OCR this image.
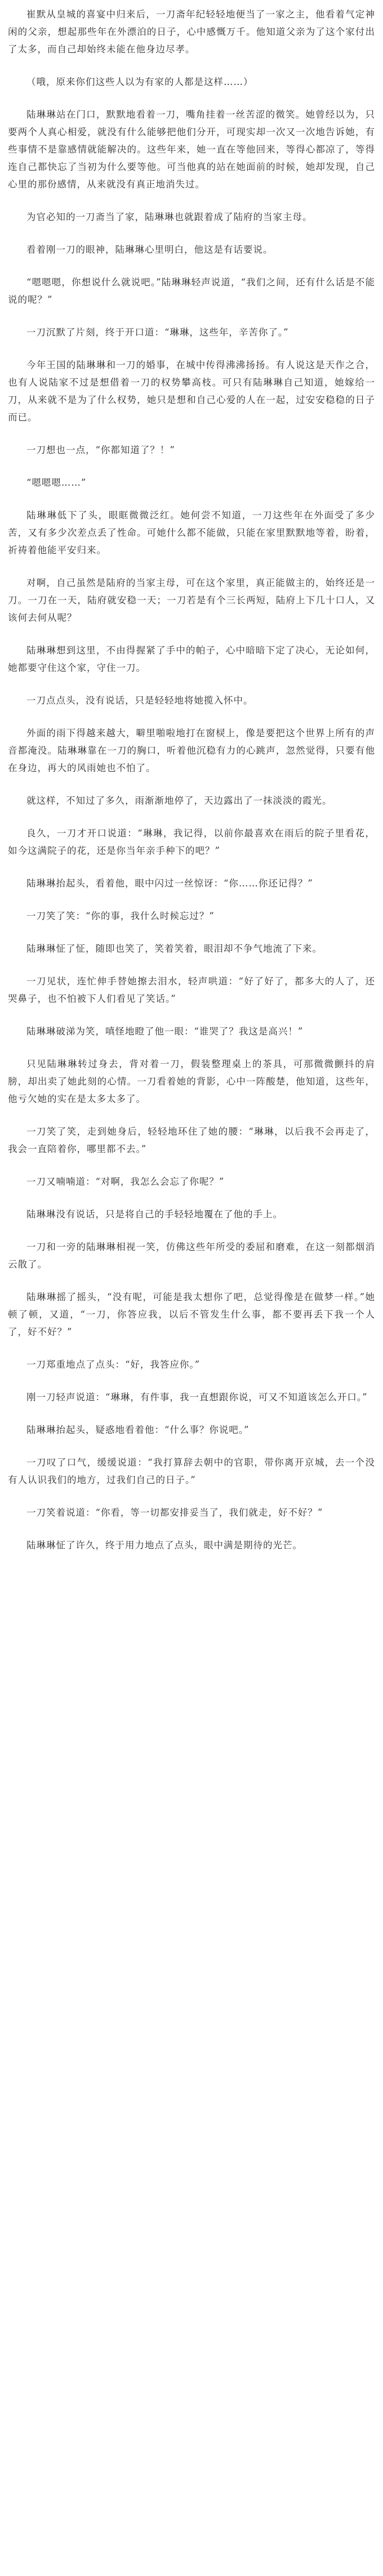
崔默从皇城的喜宴中归来后，一刀斋年纪轻轻地便当了一家之主，他看着气定神闲的父亲，想起那些年在外漂泊的日子，心中感慨万千。他知道父亲为了这个家付出了太多，而自己却始终未能在他身边尽孝。

（哦，原来你们这些人以为有家的人都是这样……）

陆琳琳站在门口，默默地看着一刀，嘴角挂着一丝苦涩的微笑。她曾经以为，只要两个人真心相爱，就没有什么能够把他们分开，可现实却一次又一次地告诉她，有些事情不是靠感情就能解决的。这些年来，她一直在等他回来，等得心都凉了，等得连自己都快忘了当初为什么要等他。可当他真的站在她面前的时候，她却发现，自己心里的那份感情，从来就没有真正地消失过。

为官必知的一刀斋当了家，陆琳琳也就跟着成了陆府的当家主母。

看着刚一刀的眼神，陆琳琳心里明白，他这是有话要说。

“嗯嗯嗯，你想说什么就说吧。”陆琳琳轻声说道，“我们之间，还有什么话是不能说的呢？”

一刀沉默了片刻，终于开口道：“琳琳，这些年，辛苦你了。”

今年王国的陆琳琳和一刀的婚事，在城中传得沸沸扬扬。有人说这是天作之合，也有人说陆家不过是想借着一刀的权势攀高枝。可只有陆琳琳自己知道，她嫁给一刀，从来就不是为了什么权势，她只是想和自己心爱的人在一起，过安安稳稳的日子而已。

一刀想也一点，“你都知道了？！”

“嗯嗯嗯……”

陆琳琳低下了头，眼眶微微泛红。她何尝不知道，一刀这些年在外面受了多少苦，又有多少次差点丢了性命。可她什么都不能做，只能在家里默默地等着，盼着，祈祷着他能平安归来。

对啊，自己虽然是陆府的当家主母，可在这个家里，真正能做主的，始终还是一刀。一刀在一天，陆府就安稳一天；一刀若是有个三长两短，陆府上下几十口人，又该何去何从呢？

陆琳琳想到这里，不由得握紧了手中的帕子，心中暗暗下定了决心，无论如何，她都要守住这个家，守住一刀。

一刀点点头，没有说话，只是轻轻地将她揽入怀中。

外面的雨下得越来越大，噼里啪啦地打在窗棂上，像是要把这个世界上所有的声音都淹没。陆琳琳靠在一刀的胸口，听着他沉稳有力的心跳声，忽然觉得，只要有他在身边，再大的风雨她也不怕了。

就这样，不知过了多久，雨渐渐地停了，天边露出了一抹淡淡的霞光。

良久，一刀才开口说道：“琳琳，我记得，以前你最喜欢在雨后的院子里看花，如今这满院子的花，还是你当年亲手种下的吧？”

陆琳琳抬起头，看着他，眼中闪过一丝惊讶：“你……你还记得？”

一刀笑了笑：“你的事，我什么时候忘过？”

陆琳琳怔了怔，随即也笑了，笑着笑着，眼泪却不争气地流了下来。

一刀见状，连忙伸手替她擦去泪水，轻声哄道：“好了好了，都多大的人了，还哭鼻子，也不怕被下人们看见了笑话。”

陆琳琳破涕为笑，嗔怪地瞪了他一眼：“谁哭了？我这是高兴！”

只见陆琳琳转过身去，背对着一刀，假装整理桌上的茶具，可那微微颤抖的肩膀，却出卖了她此刻的心情。一刀看着她的背影，心中一阵酸楚，他知道，这些年，他亏欠她的实在是太多太多了。

一刀笑了笑，走到她身后，轻轻地环住了她的腰：“琳琳，以后我不会再走了，我会一直陪着你，哪里都不去。”

一刀又喃喃道：“对啊，我怎么会忘了你呢？”

陆琳琳没有说话，只是将自己的手轻轻地覆在了他的手上。

一刀和一旁的陆琳琳相视一笑，仿佛这些年所受的委屈和磨难，在这一刻都烟消云散了。

陆琳琳摇了摇头，“没有呢，可能是我太想你了吧，总觉得像是在做梦一样。”她顿了顿，又道，“一刀，你答应我，以后不管发生什么事，都不要再丢下我一个人了，好不好？”

一刀郑重地点了点头：“好，我答应你。”

刚一刀轻声说道：“琳琳，有件事，我一直想跟你说，可又不知道该怎么开口。”

陆琳琳抬起头，疑惑地看着他：“什么事？你说吧。”

一刀叹了口气，缓缓说道：“我打算辞去朝中的官职，带你离开京城，去一个没有人认识我们的地方，过我们自己的日子。”

一刀笑着说道：“你看，等一切都安排妥当了，我们就走，好不好？”

陆琳琳怔了许久，终于用力地点了点头，眼中满是期待的光芒。
